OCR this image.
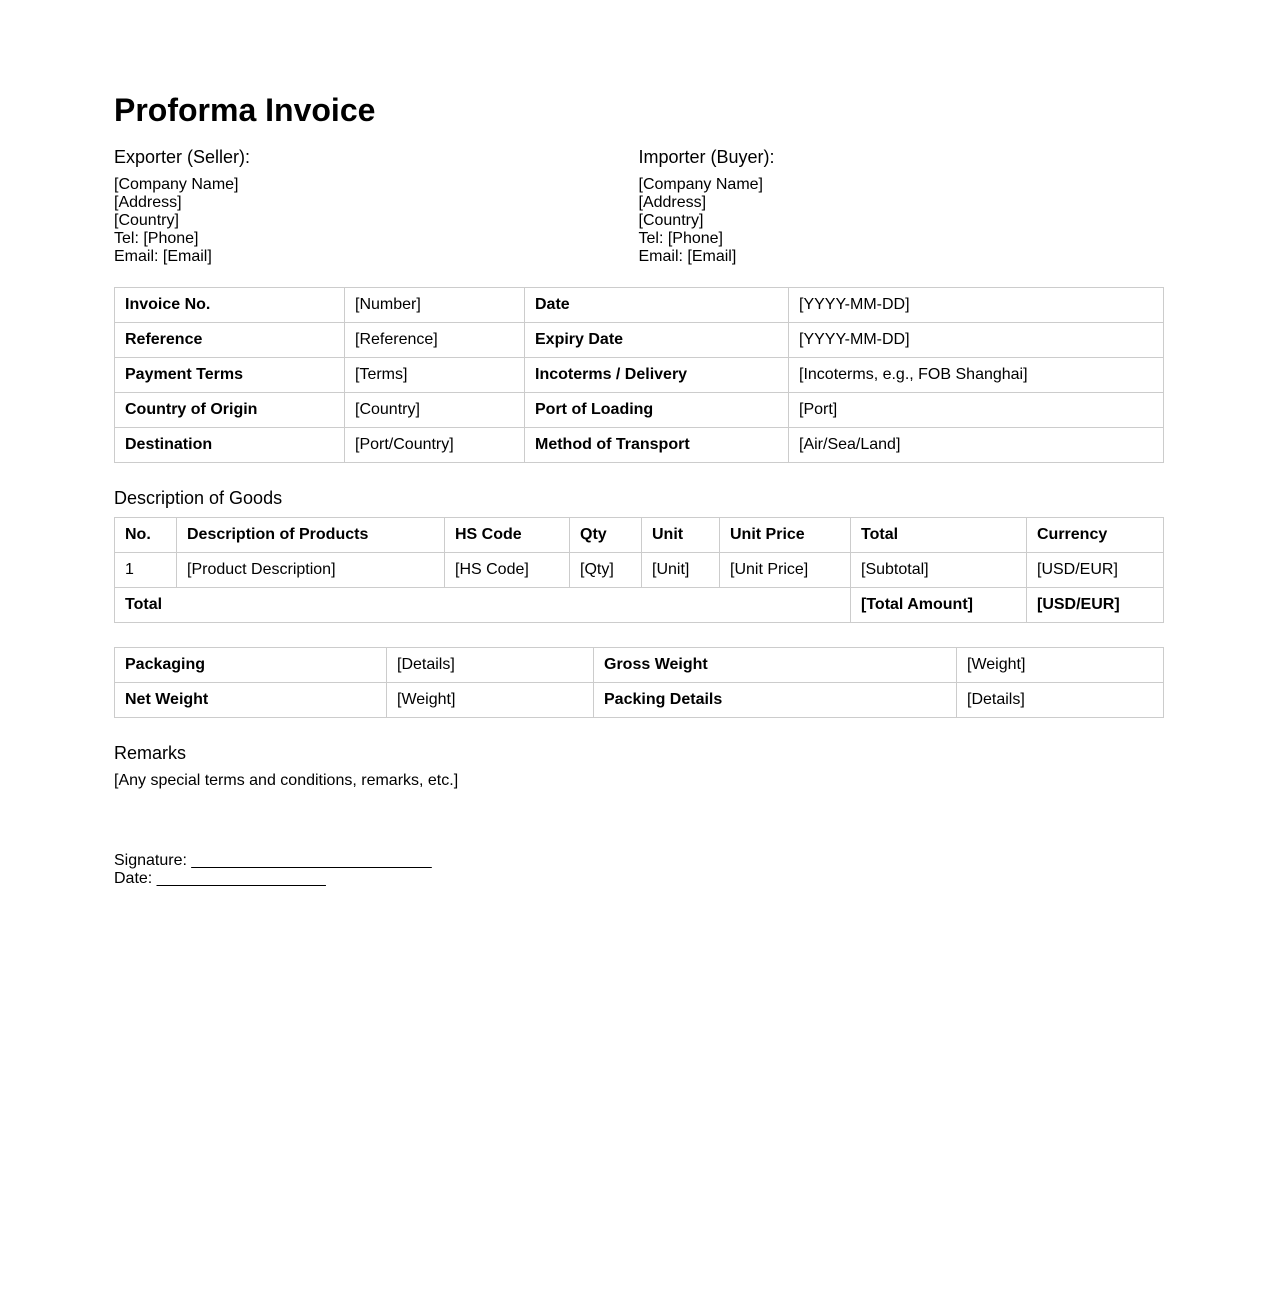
Proforma Invoice
Exporter (Seller):
[Company Name]
[Address]
[Country]
Tel: [Phone]
Email: [Email]
Importer (Buyer):
[Company Name]
[Address]
[Country]
Tel: [Phone]
Email: [Email]
Invoice No.	[Number]	Date	[YYYY-MM-DD]
Reference	[Reference]	Expiry Date	[YYYY-MM-DD]
Payment Terms	[Terms]	Incoterms / Delivery	[Incoterms, e.g., FOB Shanghai]
Country of Origin	[Country]	Port of Loading	[Port]
Destination	[Port/Country]	Method of Transport	[Air/Sea/Land]
Description of Goods
No.	Description of Products	HS Code	Qty	Unit	Unit Price	Total	Currency
1	[Product Description]	[HS Code]	[Qty]	[Unit]	[Unit Price]	[Subtotal]	[USD/EUR]
Total						[Total Amount]	[USD/EUR]
Packaging	[Details]	Gross Weight	[Weight]
Net Weight	[Weight]	Packing Details	[Details]
Remarks
[Any special terms and conditions, remarks, etc.]
Signature: ___________________________
Date: ___________________
